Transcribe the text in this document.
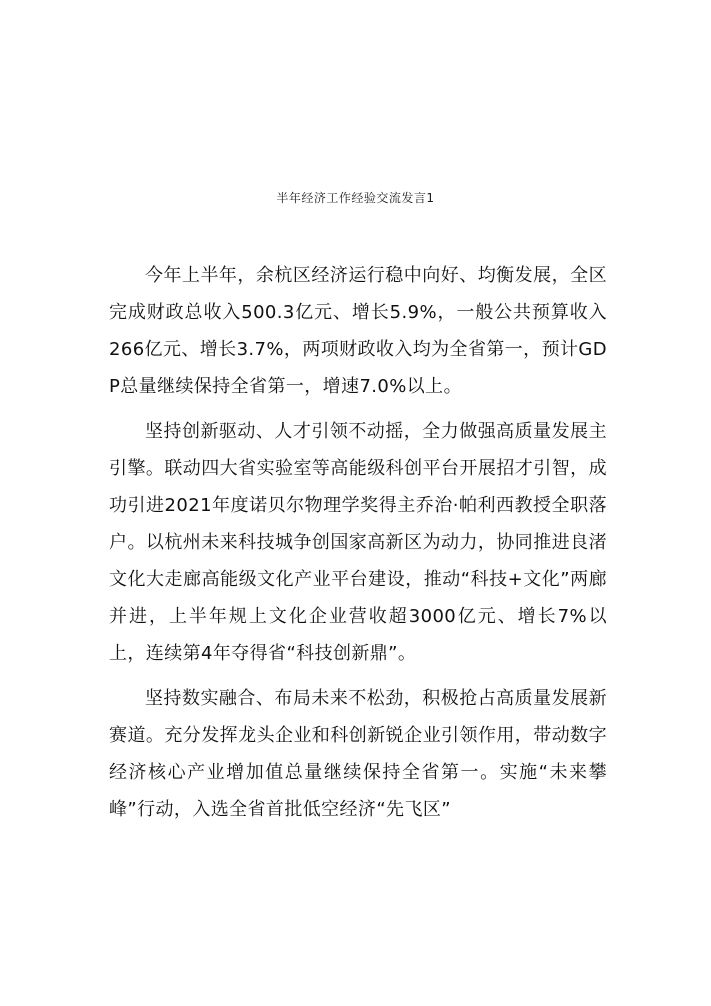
半年经济工作经验交流发言1

今年上半年，余杭区经济运行稳中向好、均衡发展，全区完成财政总收入500.3亿元、增长5.9%，一般公共预算收入266亿元、增长3.7%，两项财政收入均为全省第一，预计GDP总量继续保持全省第一，增速7.0%以上。

坚持创新驱动、人才引领不动摇，全力做强高质量发展主引擎。联动四大省实验室等高能级科创平台开展招才引智，成功引进2021年度诺贝尔物理学奖得主乔治·帕利西教授全职落户。以杭州未来科技城争创国家高新区为动力，协同推进良渚文化大走廊高能级文化产业平台建设，推动“科技+文化”两廊并进，上半年规上文化企业营收超3000亿元、增长7%以上，连续第4年夺得省“科技创新鼎”。

坚持数实融合、布局未来不松劲，积极抢占高质量发展新赛道。充分发挥龙头企业和科创新锐企业引领作用，带动数字经济核心产业增加值总量继续保持全省第一。实施“未来攀峰”行动，入选全省首批低空经济“先飞区”
